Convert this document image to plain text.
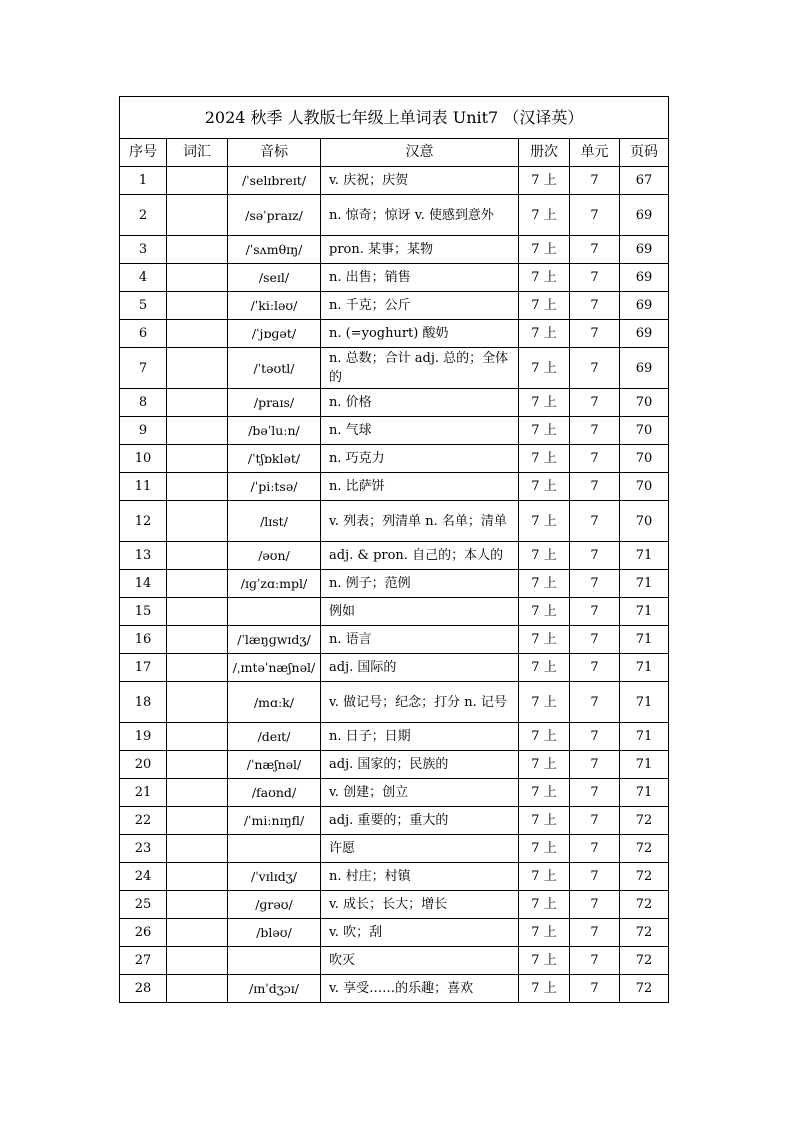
2024 秋季 人教版七年级上单词表 Unit7 （汉译英）						
序号	词汇	音标	汉意	册次	单元	页码
1		/ˈselɪbreɪt/	v. 庆祝；庆贺	7 上	7	67
2		/səˈpraɪz/	n. 惊奇；惊讶 v. 使感到意外	7 上	7	69
3		/ˈsʌmθɪŋ/	pron. 某事；某物	7 上	7	69
4		/seɪl/	n. 出售；销售	7 上	7	69
5		/ˈkiːləʊ/	n. 千克；公斤	7 上	7	69
6		/ˈjɒɡət/	n. (=yoghurt) 酸奶	7 上	7	69
7		/ˈtəʊtl/	n. 总数；合计 adj. 总的；全体的	7 上	7	69
8		/praɪs/	n. 价格	7 上	7	70
9		/bəˈluːn/	n. 气球	7 上	7	70
10		/ˈtʃɒklət/	n. 巧克力	7 上	7	70
11		/ˈpiːtsə/	n. 比萨饼	7 上	7	70
12		/lɪst/	v. 列表；列清单 n. 名单；清单	7 上	7	70
13		/əʊn/	adj. & pron. 自己的；本人的	7 上	7	71
14		/ɪɡˈzɑːmpl/	n. 例子；范例	7 上	7	71
15			例如	7 上	7	71
16		/ˈlæŋɡwɪdʒ/	n. 语言	7 上	7	71
17		/ˌɪntəˈnæʃnəl/	adj. 国际的	7 上	7	71
18		/mɑːk/	v. 做记号；纪念；打分 n. 记号	7 上	7	71
19		/deɪt/	n. 日子；日期	7 上	7	71
20		/ˈnæʃnəl/	adj. 国家的；民族的	7 上	7	71
21		/faʊnd/	v. 创建；创立	7 上	7	71
22		/ˈmiːnɪŋfl/	adj. 重要的；重大的	7 上	7	72
23			许愿	7 上	7	72
24		/ˈvɪlɪdʒ/	n. 村庄；村镇	7 上	7	72
25		/ɡrəʊ/	v. 成长；长大；增长	7 上	7	72
26		/bləʊ/	v. 吹；刮	7 上	7	72
27			吹灭	7 上	7	72
28		/ɪnˈdʒɔɪ/	v. 享受……的乐趣；喜欢	7 上	7	72
